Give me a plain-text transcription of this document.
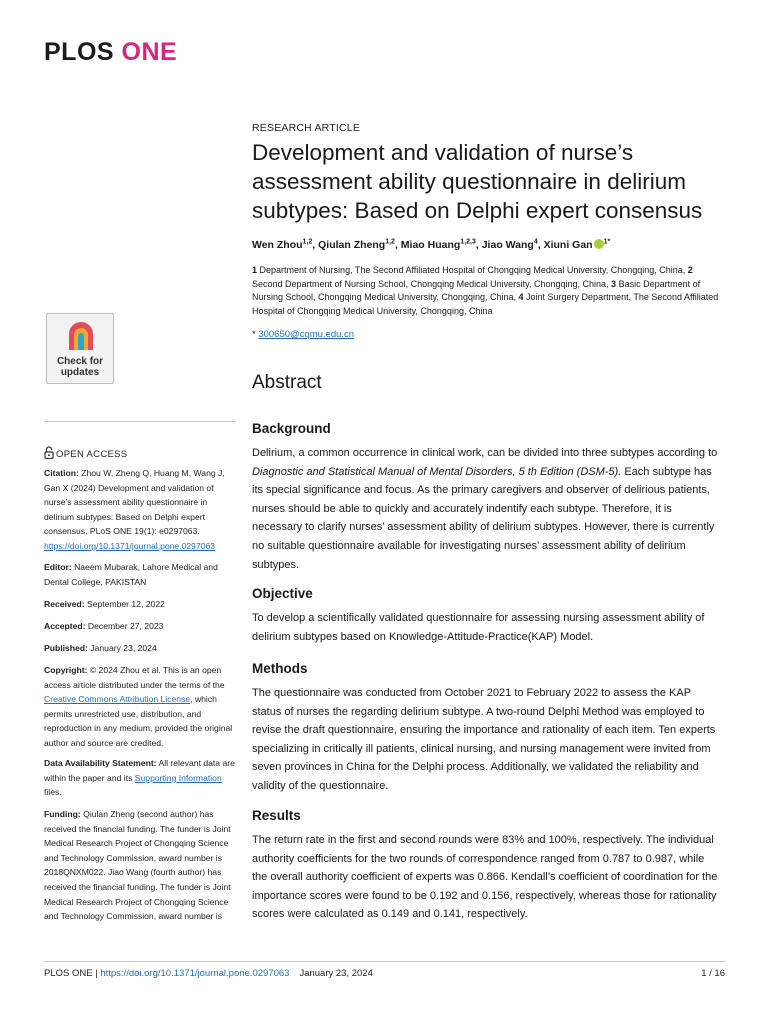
PLOS ONE
RESEARCH ARTICLE
Development and validation of nurse’s assessment ability questionnaire in delirium subtypes: Based on Delphi expert consensus
Wen Zhou$^{1,2}$, Qiulan Zheng$^{1,2}$, Miao Huang$^{1,2,3}$, Jiao Wang$^4$, Xiuni Gan $^{1*}$
1 Department of Nursing, The Second Affiliated Hospital of Chongqing Medical University, Chongqing, China, 2 Second Department of Nursing School, Chongqing Medical University, Chongqing, China, 3 Basic Department of Nursing School, Chongqing Medical University, Chongqing, China, 4 Joint Surgery Department, The Second Affiliated Hospital of Chongqing Medical University, Chongqing, China
* 300650@cqmu.edu.cn
Abstract
Background

Delirium, a common occurrence in clinical work, can be divided into three subtypes according to Diagnostic and Statistical Manual of Mental Disorders, 5 th Edition (DSM-5). Each subtype has its special significance and focus. As the primary caregivers and observer of delirious patients, nurses should be able to quickly and accurately indentify each subtype. Therefore, it is necessary to clarify nurses’ assessment ability of delirium subtypes. However, there is currently no suitable questionnaire available for investigating nurses’ assessment ability of delirium subtypes.

Objective

To develop a scientifically validated questionnaire for assessing nursing assessment ability of delirium subtypes based on Knowledge-Attitude-Practice(KAP) Model.

Methods

The questionnaire was conducted from October 2021 to February 2022 to assess the KAP status of nurses the regarding delirium subtype. A two-round Delphi Method was employed to revise the draft questionnaire, ensuring the importance and rationality of each item. Ten experts specializing in critically ill patients, clinical nursing, and nursing management were invited from seven provinces in China for the Delphi process. Additionally, we validated the reliability and validity of the questionnaire.

Results

The return rate in the first and second rounds were 83% and 100%, respectively. The individual authority coefficients for the two rounds of correspondence ranged from 0.787 to 0.987, while the overall authority coefficient of experts was 0.866. Kendall’s coefficient of coordination for the importance scores were found to be 0.192 and 0.156, respectively, whereas those for rationality scores were calculated as 0.149 and 0.141, respectively.

Check for
updates
OPEN ACCESS
Citation: Zhou W, Zheng Q, Huang M, Wang J, Gan X (2024) Development and validation of nurse’s assessment ability questionnaire in delirium subtypes: Based on Delphi expert consensus. PLoS ONE 19(1): e0297063. https://doi.org/10.1371/journal.pone.0297063
Editor: Naeem Mubarak, Lahore Medical and Dental College, PAKISTAN
Received: September 12, 2022
Accepted: December 27, 2023
Published: January 23, 2024
Copyright: © 2024 Zhou et al. This is an open access article distributed under the terms of the Creative Commons Attribution License, which permits unrestricted use, distribution, and reproduction in any medium, provided the original author and source are credited.
Data Availability Statement: All relevant data are within the paper and its Supporting Information files.
Funding: Qiulan Zheng (second author) has received the financial funding. The funder is Joint Medical Research Project of Chongqing Science and Technology Commission, award number is 2018QNXM022. Jiao Wang (fourth author) has received the financial funding. The funder is Joint Medical Research Project of Chongqing Science and Technology Commission, award number is
PLOS ONE | https://doi.org/10.1371/journal.pone.0297063 January 23, 2024	1 / 16
